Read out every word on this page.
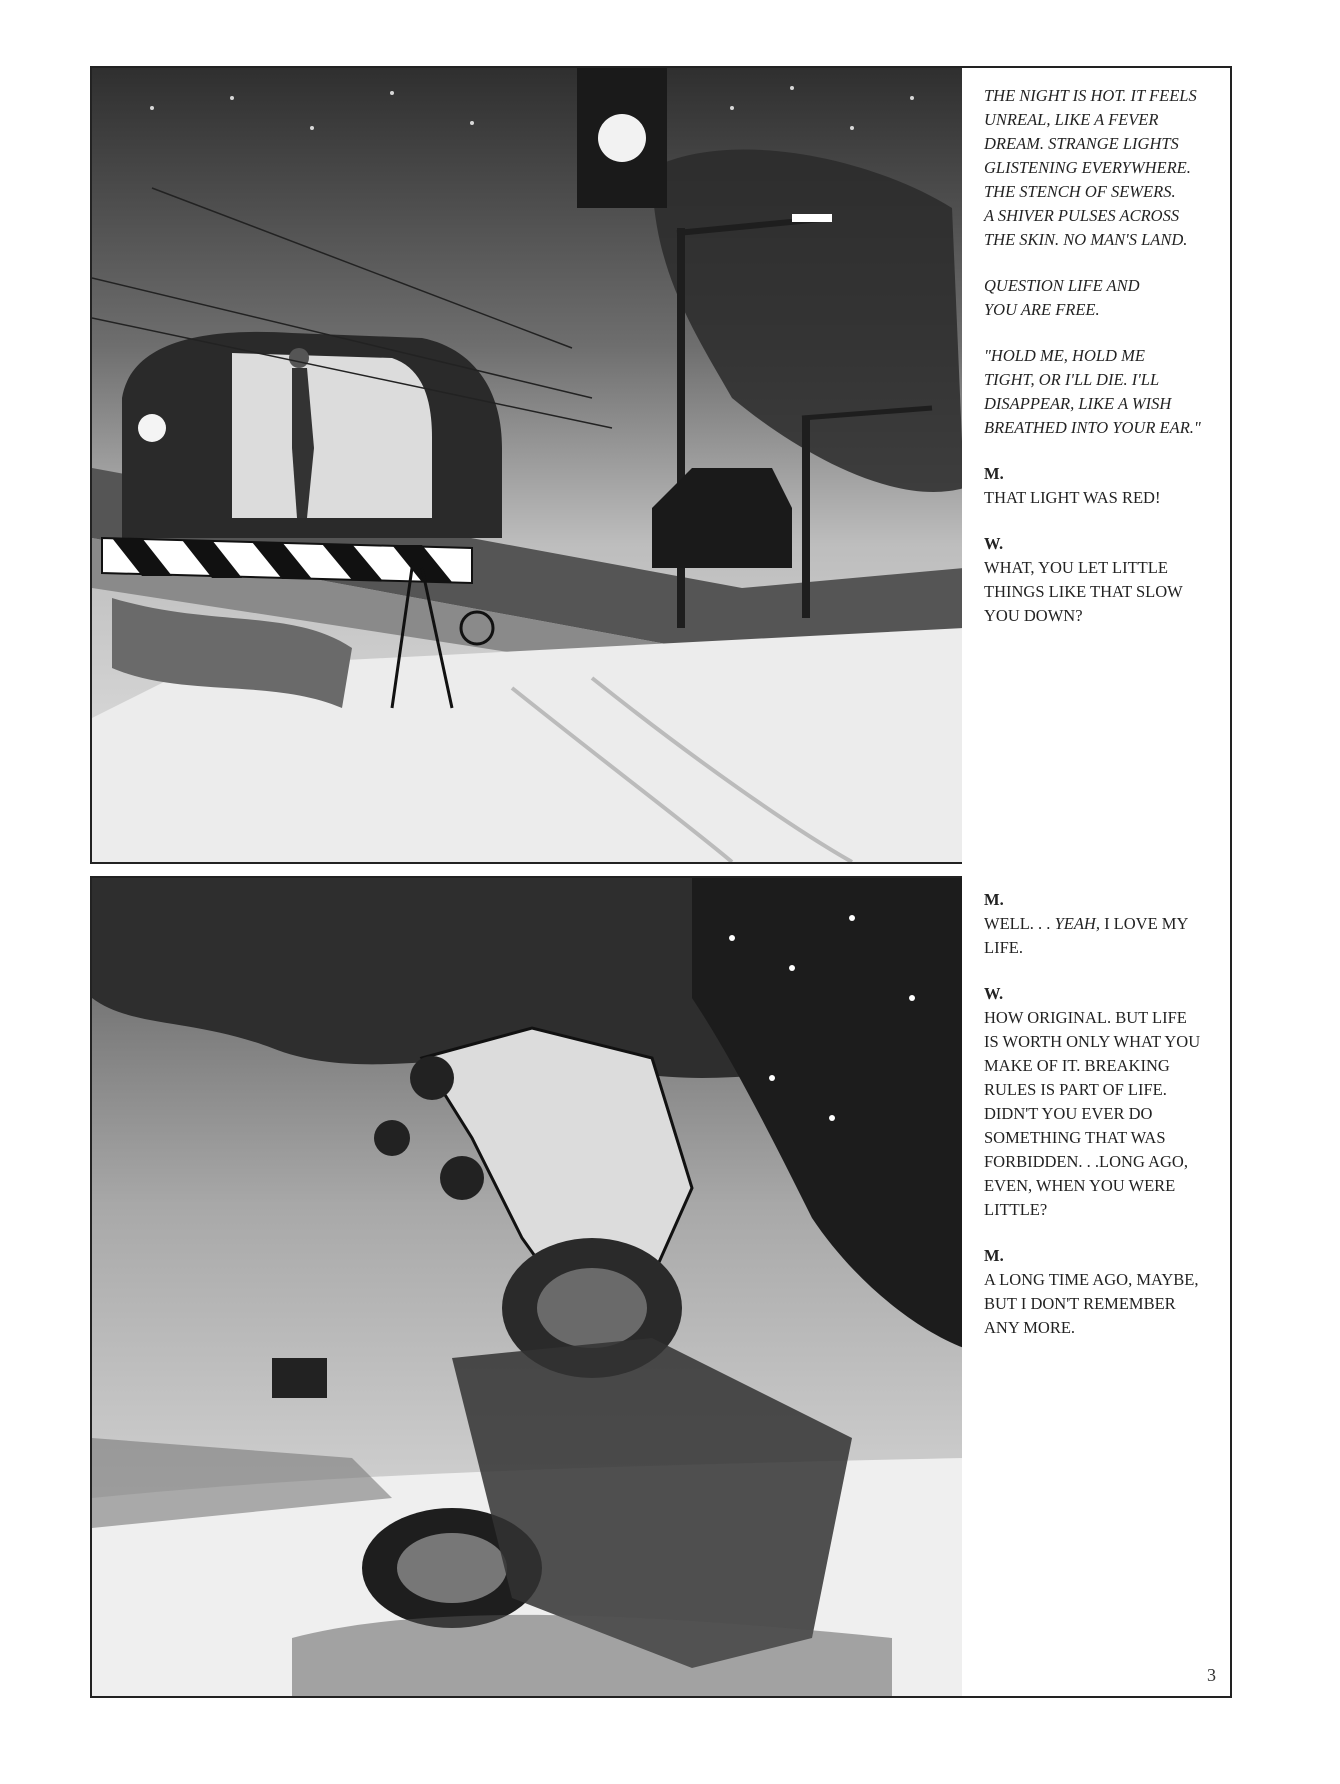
THE NIGHT IS HOT. IT FEELS
UNREAL, LIKE A FEVER
DREAM. STRANGE LIGHTS
GLISTENING EVERYWHERE.
THE STENCH OF SEWERS.
A SHIVER PULSES ACROSS
THE SKIN. NO MAN'S LAND.

QUESTION LIFE AND
YOU ARE FREE.

"HOLD ME, HOLD ME
TIGHT, OR I'LL DIE. I'LL
DISAPPEAR, LIKE A WISH
BREATHED INTO YOUR EAR."

M.
THAT LIGHT WAS RED!

W.
WHAT, YOU LET LITTLE
THINGS LIKE THAT SLOW
YOU DOWN?

M.
WELL. . . YEAH, I LOVE MY
LIFE.

W.
HOW ORIGINAL. BUT LIFE
IS WORTH ONLY WHAT YOU
MAKE OF IT. BREAKING
RULES IS PART OF LIFE.
DIDN'T YOU EVER DO
SOMETHING THAT WAS
FORBIDDEN. . .LONG AGO,
EVEN, WHEN YOU WERE
LITTLE?

M.
A LONG TIME AGO, MAYBE,
BUT I DON'T REMEMBER
ANY MORE.

3
